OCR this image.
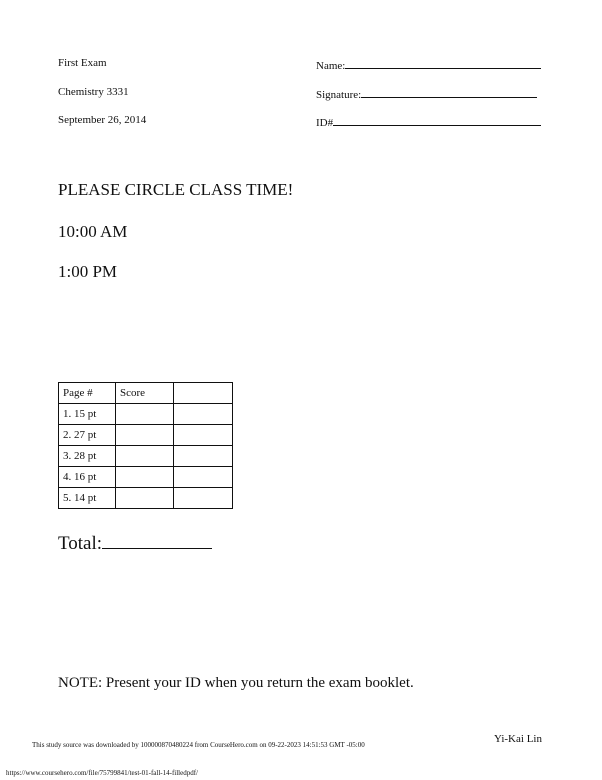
First Exam
Chemistry 3331
September 26, 2014
Name:
Signature:
ID#
PLEASE CIRCLE CLASS TIME!
10:00 AM
1:00 PM
Page #	Score	
1. 15 pt		
2. 27 pt		
3. 28 pt		
4. 16 pt		
5. 14 pt		
Total:
NOTE: Present your ID when you return the exam booklet.
Yi-Kai Lin
This study source was downloaded by 100000870480224 from CourseHero.com on 09-22-2023 14:51:53 GMT -05:00
https://www.coursehero.com/file/75799841/test-01-fall-14-filledpdf/
